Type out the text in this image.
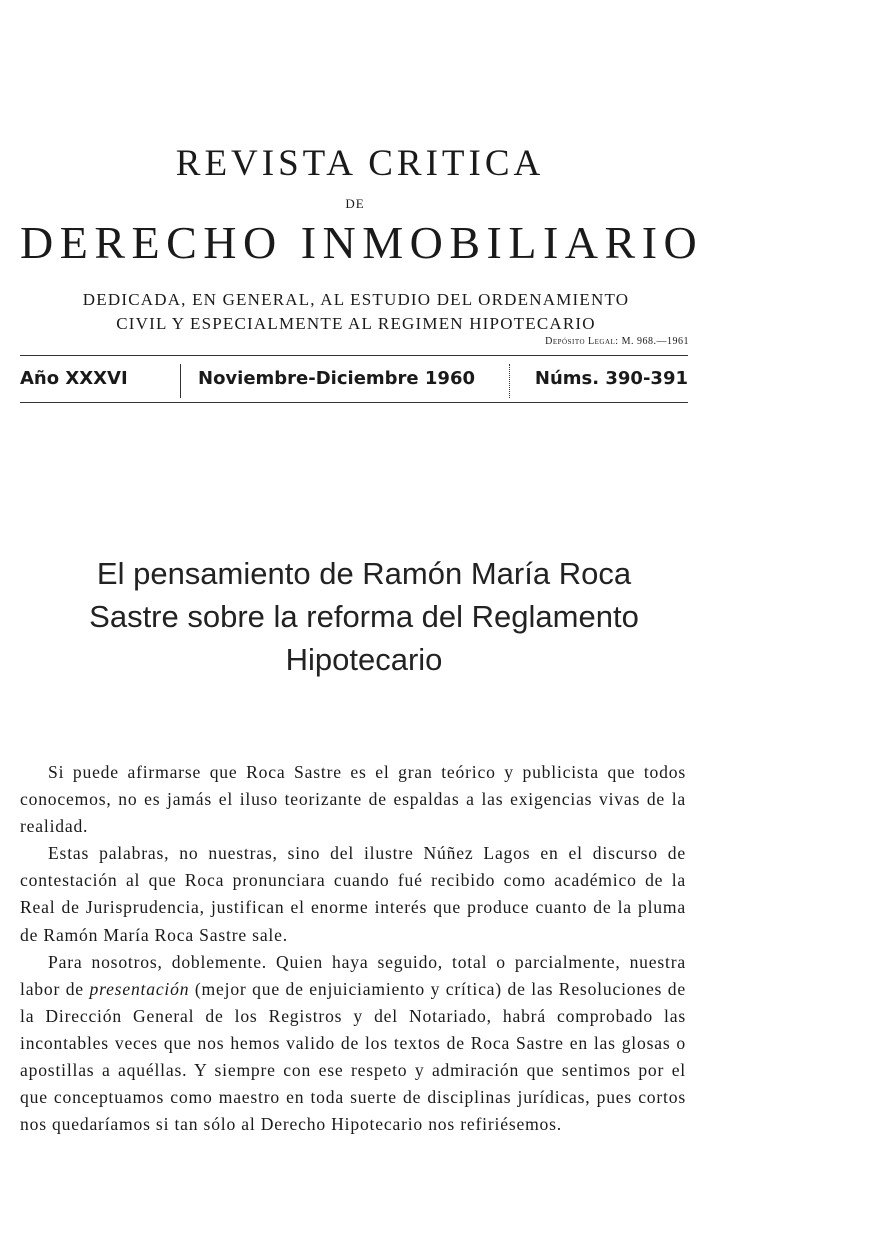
REVISTA CRITICA
DE
DERECHO INMOBILIARIO
DEDICADA, EN GENERAL, AL ESTUDIO DEL ORDENAMIENTO
CIVIL Y ESPECIALMENTE AL REGIMEN HIPOTECARIO
Depósito Legal: M. 968.—1961
Año XXXVI	Noviembre-Diciembre 1960	Núms. 390-391
El pensamiento de Ramón María Roca
Sastre sobre la reforma del Reglamento
Hipotecario

Si puede afirmarse que Roca Sastre es el gran teórico y publicista que todos conocemos, no es jamás el iluso teorizante de espaldas a las exigencias vivas de la realidad.

Estas palabras, no nuestras, sino del ilustre Núñez Lagos en el discurso de contestación al que Roca pronunciara cuando fué recibido como académico de la Real de Jurisprudencia, justifican el enorme interés que produce cuanto de la pluma de Ramón María Roca Sastre sale.

Para nosotros, doblemente. Quien haya seguido, total o parcialmente, nuestra labor de presentación (mejor que de enjuiciamiento y crítica) de las Resoluciones de la Dirección General de los Registros y del Notariado, habrá comprobado las incontables veces que nos hemos valido de los textos de Roca Sastre en las glosas o apostillas a aquéllas. Y siempre con ese respeto y admiración que sentimos por el que conceptuamos como maestro en toda suerte de disciplinas jurídicas, pues cortos nos quedaríamos si tan sólo al Derecho Hipotecario nos refiriésemos.
